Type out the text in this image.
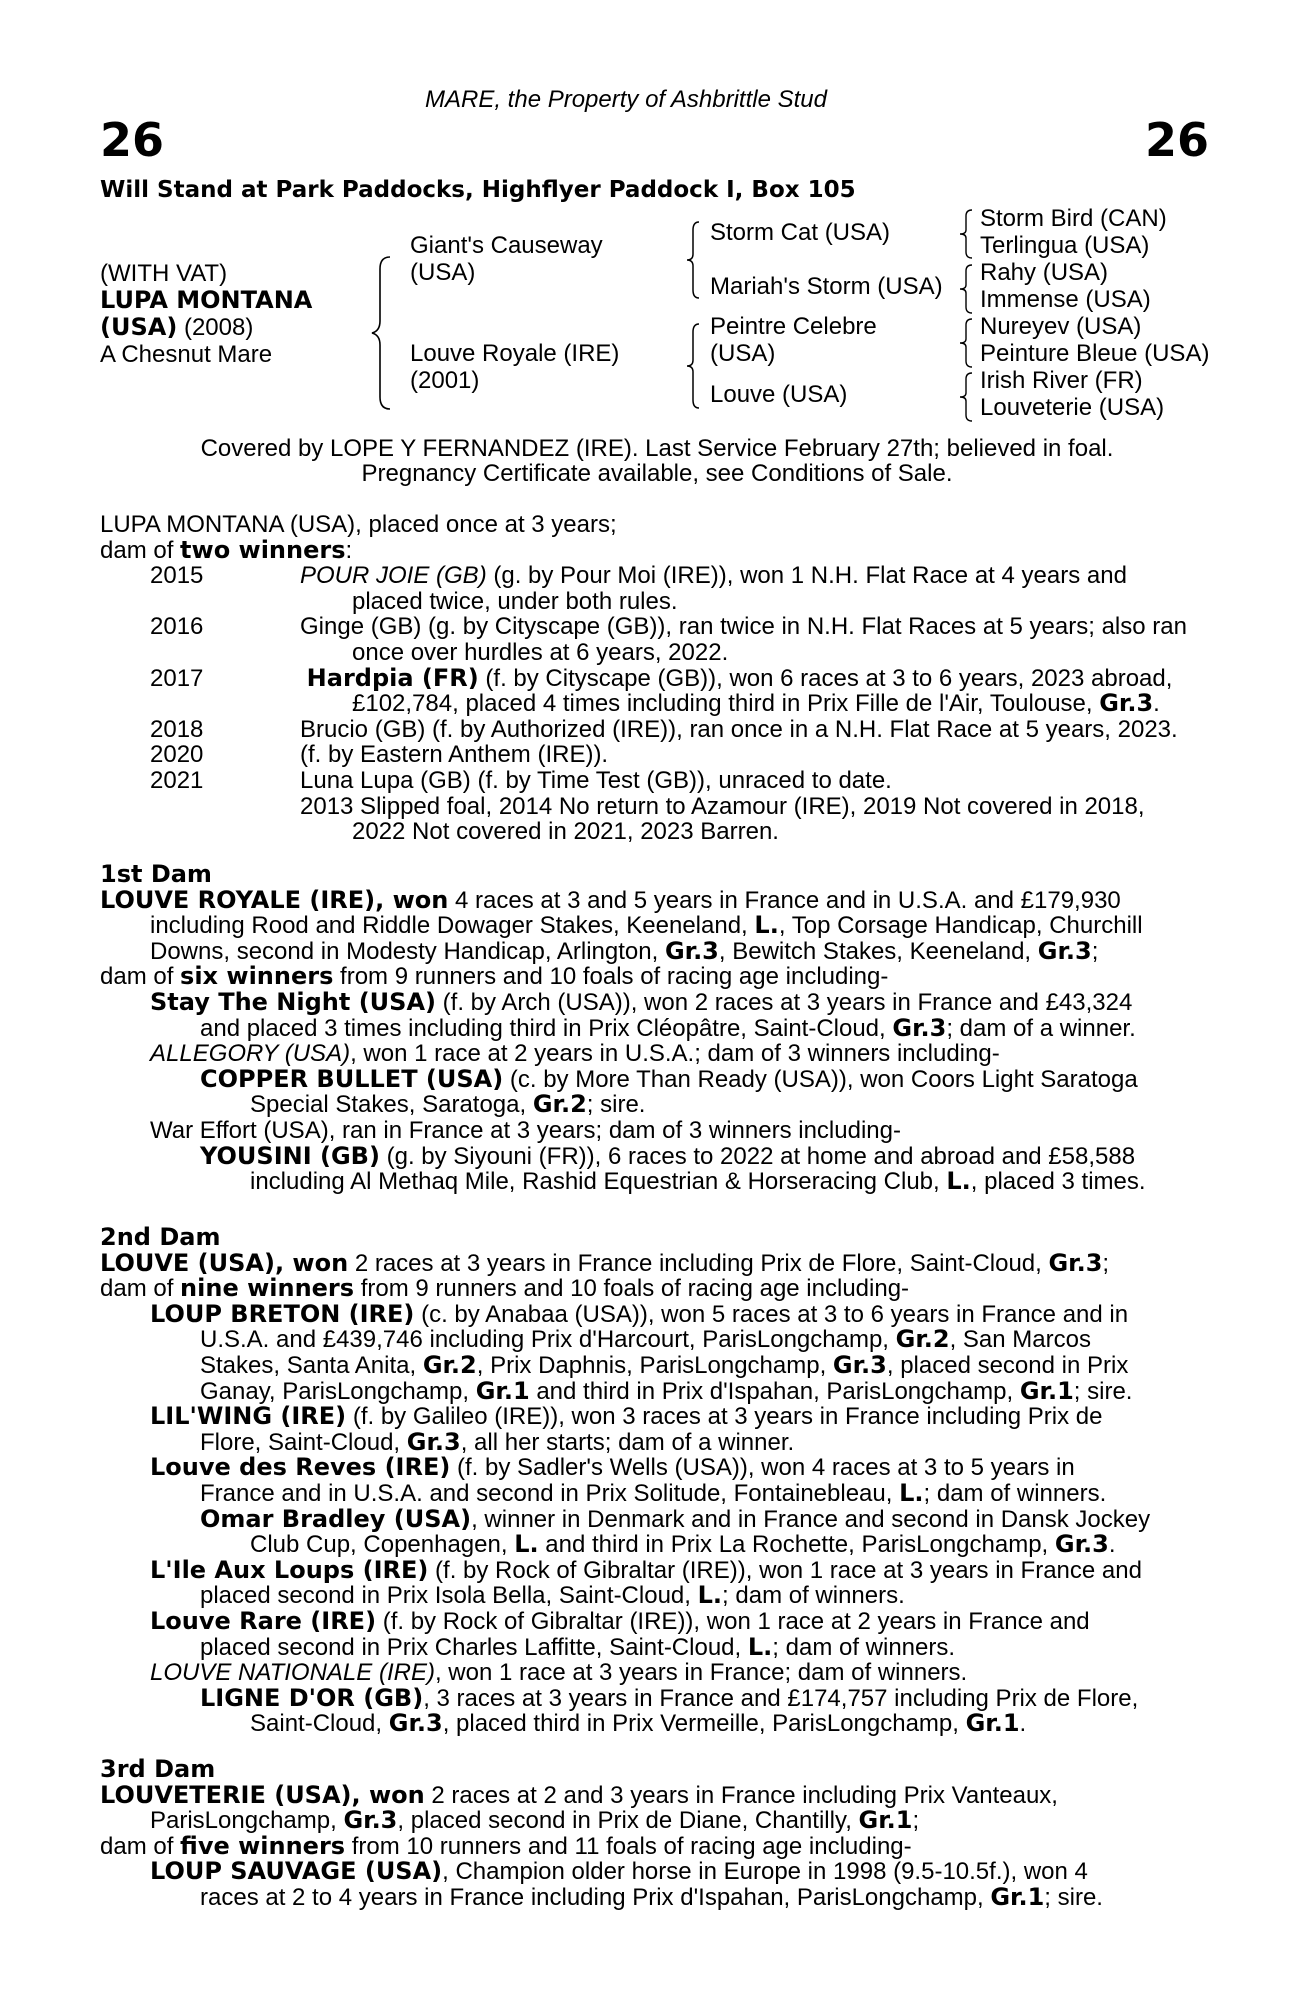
MARE, the Property of Ashbrittle Stud
26	26
Will Stand at Park Paddocks, Highflyer Paddock I, Box 105
(WITH VAT)
LUPA MONTANA
(USA) (2008)
A Chesnut Mare
Giant's Causeway
(USA)
Louve Royale (IRE)
(2001)
Storm Cat (USA)
Mariah's Storm (USA)
Peintre Celebre
(USA)
Louve (USA)
Storm Bird (CAN)
Terlingua (USA)
Rahy (USA)
Immense (USA)
Nureyev (USA)
Peinture Bleue (USA)
Irish River (FR)
Louveterie (USA)
Covered by LOPE Y FERNANDEZ (IRE). Last Service February 27th; believed in foal.
Pregnancy Certificate available, see Conditions of Sale.

LUPA MONTANA (USA), placed once at 3 years;

dam of two winners:

2015	POUR JOIE (GB) (g. by Pour Moi (IRE)), won 1 N.H. Flat Race at 4 years and
placed twice, under both rules.
2016	Ginge (GB) (g. by Cityscape (GB)), ran twice in N.H. Flat Races at 5 years; also ran
once over hurdles at 6 years, 2022.
2017	Hardpia (FR) (f. by Cityscape (GB)), won 6 races at 3 to 6 years, 2023 abroad,
£102,784, placed 4 times including third in Prix Fille de l'Air, Toulouse, Gr.3.
2018	Brucio (GB) (f. by Authorized (IRE)), ran once in a N.H. Flat Race at 5 years, 2023.
2020	(f. by Eastern Anthem (IRE)).
2021	Luna Lupa (GB) (f. by Time Test (GB)), unraced to date.
2013 Slipped foal, 2014 No return to Azamour (IRE), 2019 Not covered in 2018,
2022 Not covered in 2021, 2023 Barren.

1st Dam

LOUVE ROYALE (IRE), won 4 races at 3 and 5 years in France and in U.S.A. and £179,930

including Rood and Riddle Dowager Stakes, Keeneland, L., Top Corsage Handicap, Churchill

Downs, second in Modesty Handicap, Arlington, Gr.3, Bewitch Stakes, Keeneland, Gr.3;

dam of six winners from 9 runners and 10 foals of racing age including-

Stay The Night (USA) (f. by Arch (USA)), won 2 races at 3 years in France and £43,324

and placed 3 times including third in Prix Cléopâtre, Saint-Cloud, Gr.3; dam of a winner.

ALLEGORY (USA), won 1 race at 2 years in U.S.A.; dam of 3 winners including-

COPPER BULLET (USA) (c. by More Than Ready (USA)), won Coors Light Saratoga

Special Stakes, Saratoga, Gr.2; sire.

War Effort (USA), ran in France at 3 years; dam of 3 winners including-

YOUSINI (GB) (g. by Siyouni (FR)), 6 races to 2022 at home and abroad and £58,588

including Al Methaq Mile, Rashid Equestrian & Horseracing Club, L., placed 3 times.

2nd Dam

LOUVE (USA), won 2 races at 3 years in France including Prix de Flore, Saint-Cloud, Gr.3;

dam of nine winners from 9 runners and 10 foals of racing age including-

LOUP BRETON (IRE) (c. by Anabaa (USA)), won 5 races at 3 to 6 years in France and in

U.S.A. and £439,746 including Prix d'Harcourt, ParisLongchamp, Gr.2, San Marcos

Stakes, Santa Anita, Gr.2, Prix Daphnis, ParisLongchamp, Gr.3, placed second in Prix

Ganay, ParisLongchamp, Gr.1 and third in Prix d'Ispahan, ParisLongchamp, Gr.1; sire.

LIL'WING (IRE) (f. by Galileo (IRE)), won 3 races at 3 years in France including Prix de

Flore, Saint-Cloud, Gr.3, all her starts; dam of a winner.

Louve des Reves (IRE) (f. by Sadler's Wells (USA)), won 4 races at 3 to 5 years in

France and in U.S.A. and second in Prix Solitude, Fontainebleau, L.; dam of winners.

Omar Bradley (USA), winner in Denmark and in France and second in Dansk Jockey

Club Cup, Copenhagen, L. and third in Prix La Rochette, ParisLongchamp, Gr.3.

L'Ile Aux Loups (IRE) (f. by Rock of Gibraltar (IRE)), won 1 race at 3 years in France and

placed second in Prix Isola Bella, Saint-Cloud, L.; dam of winners.

Louve Rare (IRE) (f. by Rock of Gibraltar (IRE)), won 1 race at 2 years in France and

placed second in Prix Charles Laffitte, Saint-Cloud, L.; dam of winners.

LOUVE NATIONALE (IRE), won 1 race at 3 years in France; dam of winners.

LIGNE D'OR (GB), 3 races at 3 years in France and £174,757 including Prix de Flore,

Saint-Cloud, Gr.3, placed third in Prix Vermeille, ParisLongchamp, Gr.1.

3rd Dam

LOUVETERIE (USA), won 2 races at 2 and 3 years in France including Prix Vanteaux,

ParisLongchamp, Gr.3, placed second in Prix de Diane, Chantilly, Gr.1;

dam of five winners from 10 runners and 11 foals of racing age including-

LOUP SAUVAGE (USA), Champion older horse in Europe in 1998 (9.5-10.5f.), won 4

races at 2 to 4 years in France including Prix d'Ispahan, ParisLongchamp, Gr.1; sire.
